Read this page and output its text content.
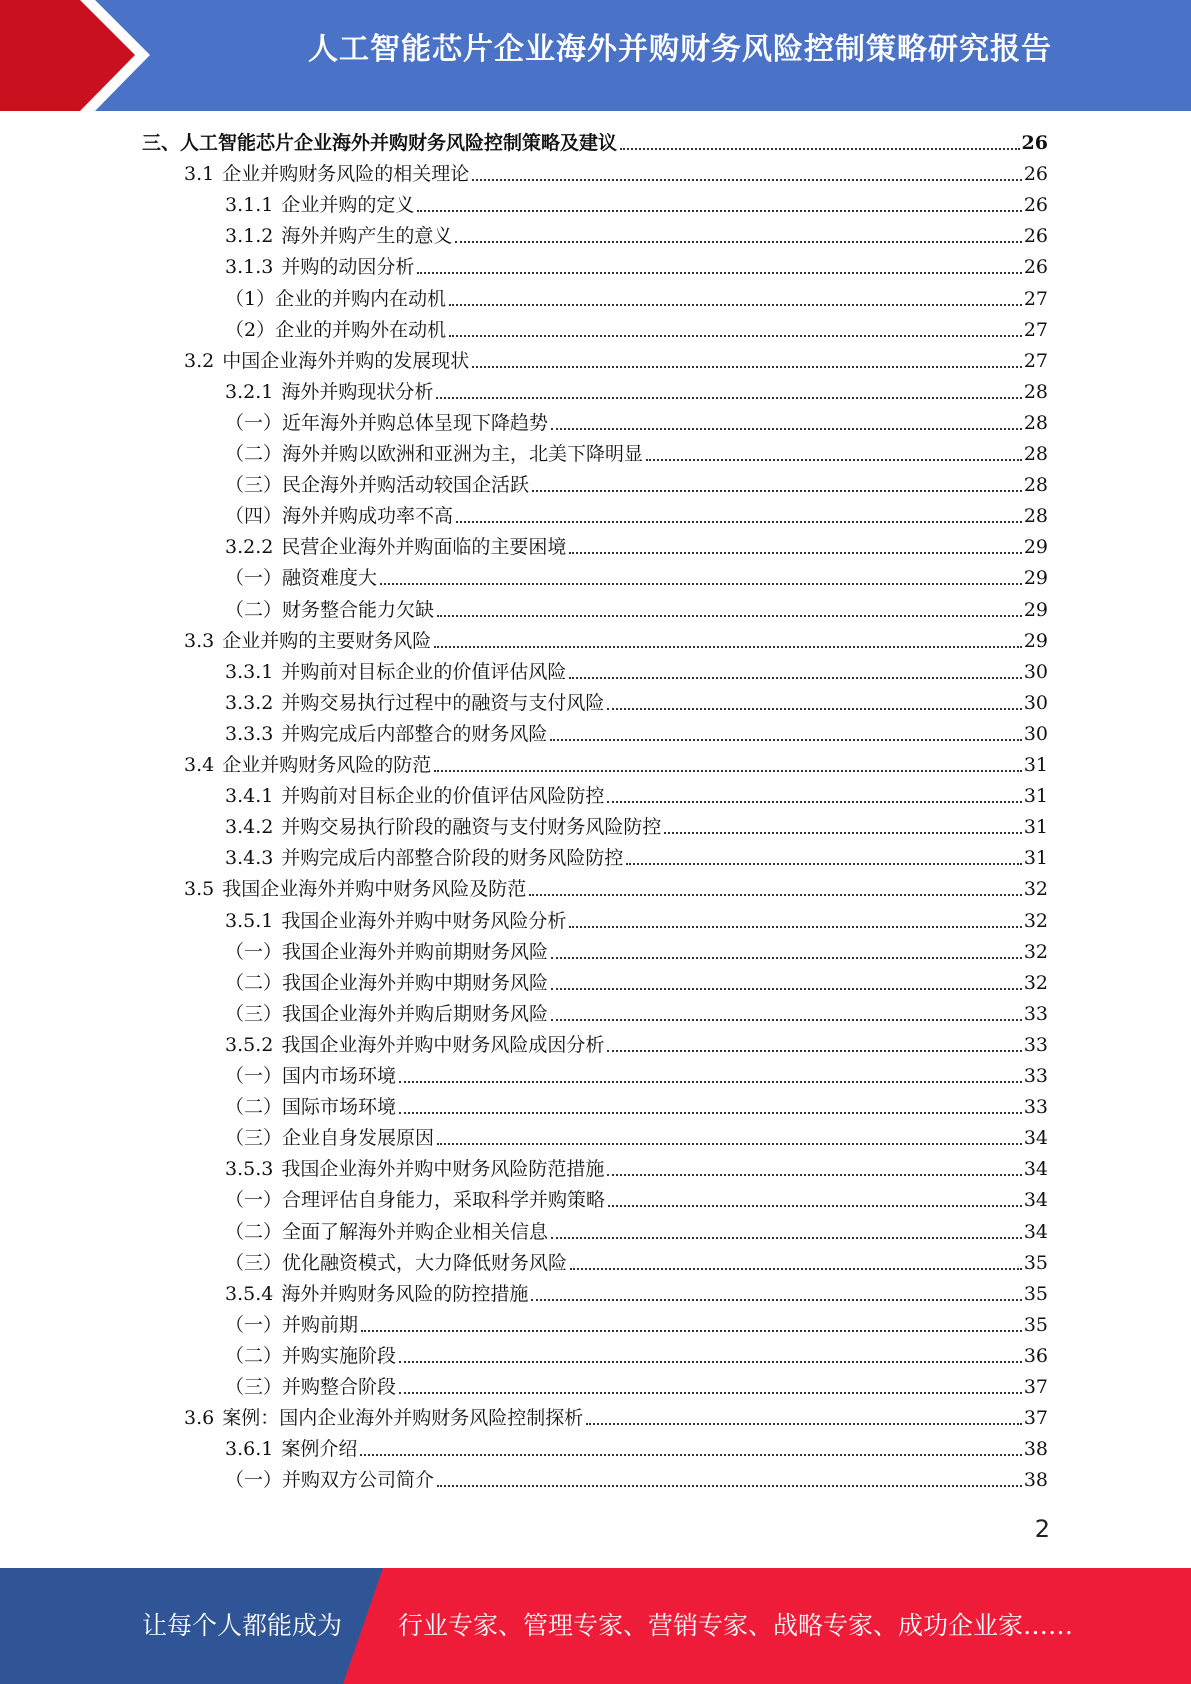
人工智能芯片企业海外并购财务风险控制策略研究报告
三、人工智能芯片企业海外并购财务风险控制策略及建议	26
3.1 企业并购财务风险的相关理论	26
3.1.1 企业并购的定义	26
3.1.2 海外并购产生的意义	26
3.1.3 并购的动因分析	26
（1）企业的并购内在动机	27
（2）企业的并购外在动机	27
3.2 中国企业海外并购的发展现状	27
3.2.1 海外并购现状分析	28
（一）近年海外并购总体呈现下降趋势	28
（二）海外并购以欧洲和亚洲为主，北美下降明显	28
（三）民企海外并购活动较国企活跃	28
（四）海外并购成功率不高	28
3.2.2 民营企业海外并购面临的主要困境	29
（一）融资难度大	29
（二）财务整合能力欠缺	29
3.3 企业并购的主要财务风险	29
3.3.1 并购前对目标企业的价值评估风险	30
3.3.2 并购交易执行过程中的融资与支付风险	30
3.3.3 并购完成后内部整合的财务风险	30
3.4 企业并购财务风险的防范	31
3.4.1 并购前对目标企业的价值评估风险防控	31
3.4.2 并购交易执行阶段的融资与支付财务风险防控	31
3.4.3 并购完成后内部整合阶段的财务风险防控	31
3.5 我国企业海外并购中财务风险及防范	32
3.5.1 我国企业海外并购中财务风险分析	32
（一）我国企业海外并购前期财务风险	32
（二）我国企业海外并购中期财务风险	32
（三）我国企业海外并购后期财务风险	33
3.5.2 我国企业海外并购中财务风险成因分析	33
（一）国内市场环境	33
（二）国际市场环境	33
（三）企业自身发展原因	34
3.5.3 我国企业海外并购中财务风险防范措施	34
（一）合理评估自身能力，采取科学并购策略	34
（二）全面了解海外并购企业相关信息	34
（三）优化融资模式，大力降低财务风险	35
3.5.4 海外并购财务风险的防控措施	35
（一）并购前期	35
（二）并购实施阶段	36
（三）并购整合阶段	37
3.6 案例：国内企业海外并购财务风险控制探析	37
3.6.1 案例介绍	38
（一）并购双方公司简介	38
2
让每个人都能成为 行业专家、管理专家、营销专家、战略专家、成功企业家……
